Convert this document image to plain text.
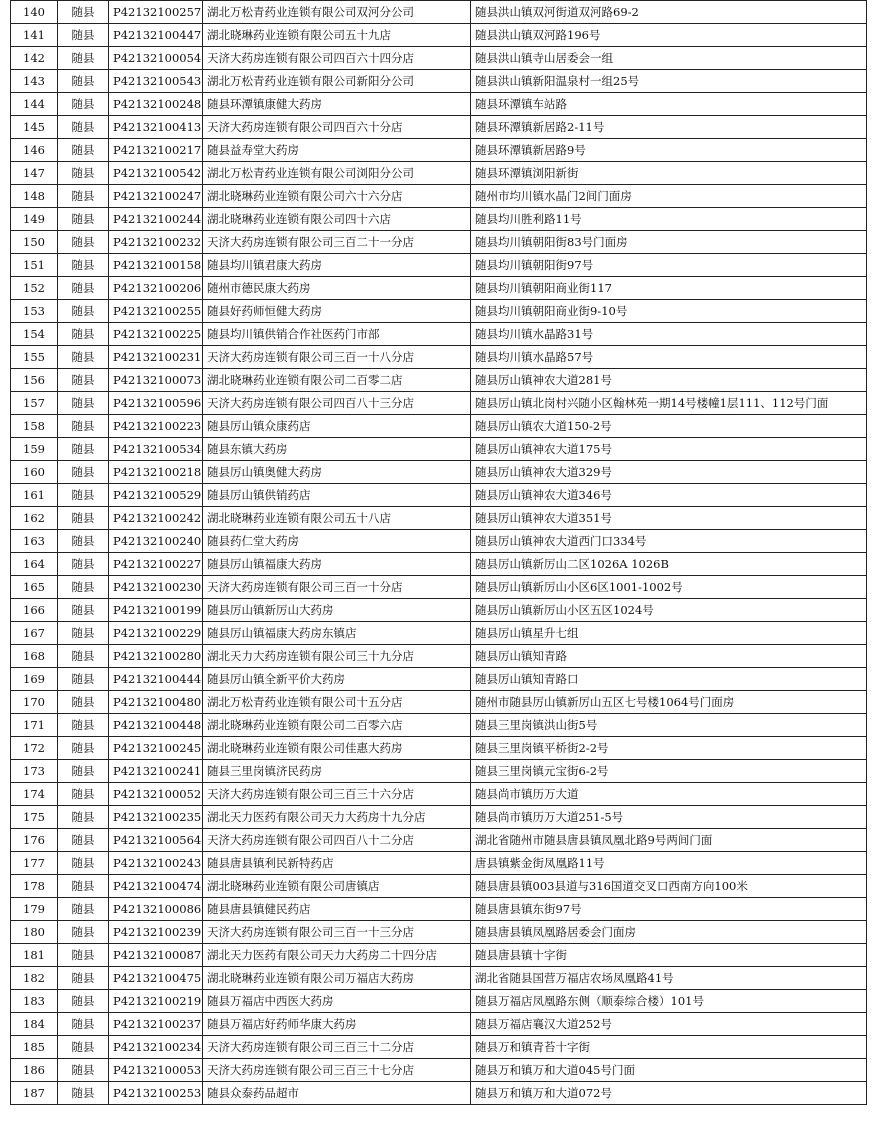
140	随县	P42132100257	湖北万松青药业连锁有限公司双河分公司	随县洪山镇双河街道双河路69-2
141	随县	P42132100447	湖北晓琳药业连锁有限公司五十九店	随县洪山镇双河路196号
142	随县	P42132100054	天济大药房连锁有限公司四百六十四分店	随县洪山镇寺山居委会一组
143	随县	P42132100543	湖北万松青药业连锁有限公司新阳分公司	随县洪山镇新阳温泉村一组25号
144	随县	P42132100248	随县环潭镇康健大药房	随县环潭镇车站路
145	随县	P42132100413	天济大药房连锁有限公司四百六十分店	随县环潭镇新居路2-11号
146	随县	P42132100217	随县益寿堂大药房	随县环潭镇新居路9号
147	随县	P42132100542	湖北万松青药业连锁有限公司浏阳分公司	随县环潭镇浏阳新街
148	随县	P42132100247	湖北晓琳药业连锁有限公司六十六分店	随州市均川镇水晶门2间门面房
149	随县	P42132100244	湖北晓琳药业连锁有限公司四十六店	随县均川胜利路11号
150	随县	P42132100232	天济大药房连锁有限公司三百二十一分店	随县均川镇朝阳街83号门面房
151	随县	P42132100158	随县均川镇君康大药房	随县均川镇朝阳街97号
152	随县	P42132100206	随州市德民康大药房	随县均川镇朝阳商业街117
153	随县	P42132100255	随县好药师恒健大药房	随县均川镇朝阳商业街9-10号
154	随县	P42132100225	随县均川镇供销合作社医药门市部	随县均川镇水晶路31号
155	随县	P42132100231	天济大药房连锁有限公司三百一十八分店	随县均川镇水晶路57号
156	随县	P42132100073	湖北晓琳药业连锁有限公司二百零二店	随县厉山镇神农大道281号
157	随县	P42132100596	天济大药房连锁有限公司四百八十三分店	随县厉山镇北岗村兴随小区翰林苑一期14号楼幢1层111、112号门面
158	随县	P42132100223	随县厉山镇众康药店	随县厉山镇农大道150-2号
159	随县	P42132100534	随县东镇大药房	随县厉山镇神农大道175号
160	随县	P42132100218	随县厉山镇奥健大药房	随县厉山镇神农大道329号
161	随县	P42132100529	随县厉山镇供销药店	随县厉山镇神农大道346号
162	随县	P42132100242	湖北晓琳药业连锁有限公司五十八店	随县厉山镇神农大道351号
163	随县	P42132100240	随县药仁堂大药房	随县厉山镇神农大道西门口334号
164	随县	P42132100227	随县厉山镇福康大药房	随县厉山镇新厉山二区1026A 1026B
165	随县	P42132100230	天济大药房连锁有限公司三百一十分店	随县厉山镇新厉山小区6区1001-1002号
166	随县	P42132100199	随县厉山镇新厉山大药房	随县厉山镇新厉山小区五区1024号
167	随县	P42132100229	随县厉山镇福康大药房东镇店	随县厉山镇星升七组
168	随县	P42132100280	湖北天力大药房连锁有限公司三十九分店	随县厉山镇知青路
169	随县	P42132100444	随县厉山镇全新平价大药房	随县厉山镇知青路口
170	随县	P42132100480	湖北万松青药业连锁有限公司十五分店	随州市随县厉山镇新厉山五区七号楼1064号门面房
171	随县	P42132100448	湖北晓琳药业连锁有限公司二百零六店	随县三里岗镇洪山街5号
172	随县	P42132100245	湖北晓琳药业连锁有限公司佳惠大药房	随县三里岗镇平桥街2-2号
173	随县	P42132100241	随县三里岗镇济民药房	随县三里岗镇元宝街6-2号
174	随县	P42132100052	天济大药房连锁有限公司三百三十六分店	随县尚市镇历万大道
175	随县	P42132100235	湖北天力医药有限公司天力大药房十九分店	随县尚市镇历万大道251-5号
176	随县	P42132100564	天济大药房连锁有限公司四百八十二分店	湖北省随州市随县唐县镇凤凰北路9号两间门面
177	随县	P42132100243	随县唐县镇利民新特药店	唐县镇紫金街凤凰路11号
178	随县	P42132100474	湖北晓琳药业连锁有限公司唐镇店	随县唐县镇003县道与316国道交叉口西南方向100米
179	随县	P42132100086	随县唐县镇健民药店	随县唐县镇东街97号
180	随县	P42132100239	天济大药房连锁有限公司三百一十三分店	随县唐县镇凤凰路居委会门面房
181	随县	P42132100087	湖北天力医药有限公司天力大药房二十四分店	随县唐县镇十字街
182	随县	P42132100475	湖北晓琳药业连锁有限公司万福店大药房	湖北省随县国营万福店农场凤凰路41号
183	随县	P42132100219	随县万福店中西医大药房	随县万福店凤凰路东侧（顺泰综合楼）101号
184	随县	P42132100237	随县万福店好药师华康大药房	随县万福店襄汉大道252号
185	随县	P42132100234	天济大药房连锁有限公司三百三十二分店	随县万和镇青苔十字街
186	随县	P42132100053	天济大药房连锁有限公司三百三十七分店	随县万和镇万和大道045号门面
187	随县	P42132100253	随县众泰药品超市	随县万和镇万和大道072号
